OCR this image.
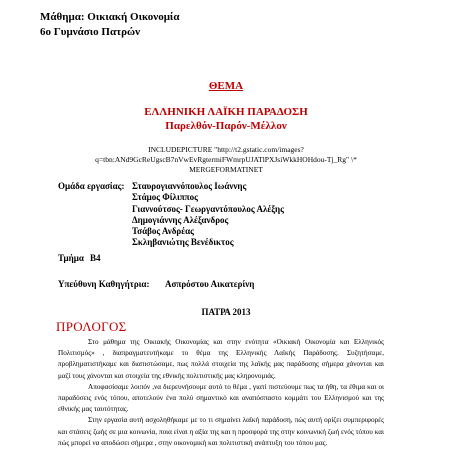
Μάθημα: Οικιακή Οικονομία
6ο Γυμνάσιο Πατρών
ΘΕΜΑ
ΕΛΛΗΝΙΚΗ ΛΑΪΚΗ ΠΑΡΑΔΟΣΗ
Παρελθόν-Παρόν-Μέλλον
INCLUDEPICTURE "http://t2.gstatic.com/images?
q=tbn:ANd9GcReUgscB7nVwEvRgtermiFWmrpUJATlPXJsiWkkHOHdou-Tj_Rg" \*
MERGEFORMATINET
Ομάδα εργασίας:	Σταυρογιαννόπουλος Ιωάννης
	Στάμος Φίλιππος
	Γιαννούτσος- Γεωργαντόπουλος Αλέξης
	Δημογιάννης Αλέξανδρος
	Τσάβος Ανδρέας
	Σκληβανιώτης Βενέδικτος
Τμήμα Β4
Υπεύθυνη Καθηγήτρια: Ασπρόστου Αικατερίνη
ΠΑΤΡΑ 2013
ΠΡΟΛΟΓΟΣ

Στο μάθημα της Οικιακής Οικονομίας και στην ενότητα «Οικιακή Οικονομία και Ελληνικός Πολιτισμός» , διαπραγματευτήκαμε το θέμα της Ελληνικής Λαϊκής Παράδοσης. Συζητήσαμε, προβληματιστήκαμε και διαπιστώσαμε, πως πολλά στοιχεία της λαϊκής μας παράδοσης σήμερα χάνονται και μαζί τους χάνονται και στοιχεία της εθνικής πολιτιστικής μας κληρονομιάς.

Αποφασίσαμε λοιπόν ,να διερευνήσουμε αυτό το θέμα , γιατί πιστεύουμε πως τα ήθη, τα έθιμα και οι παραδόσεις ενός τόπου, αποτελούν ένα πολύ σημαντικό και αναπόσπαστο κομμάτι του Ελληνισμού και της εθνικής μας ταυτότητας.

Στην εργασία αυτή ασχοληθήκαμε με το τι σημαίνει λαϊκή παράδοση, πώς αυτή ορίζει συμπεριφορές και στάσεις ζωής σε μια κοινωνία, ποια είναι η αξία της και η προσφορά της στην κοινωνική ζωή ενός τόπου και πώς μπορεί να αποδώσει σήμερα , στην οικονομική και πολιτιστική ανάπτυξη του τόπου μας.
